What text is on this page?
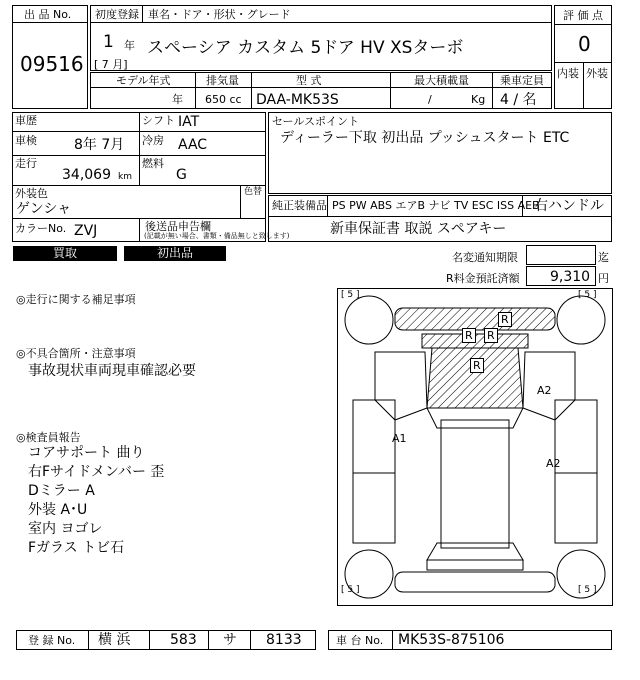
出 品 No.
09516
初度登録 車名・ドア・形状・グレード
1 年
[ 7 月]
スペーシア カスタム 5ドア HV XSターボ
評 価 点
0
内装 外装
モデル年式
年
排気量
650 cc
型 式
DAA-MK53S
最大積載量
/	Kg
乗車定員
4 / 名
車歴	シフト IAT
車検	8年 7月 冷房 AAC
走行
34,069 km
燃料
G
外装色
ゲンシャ
色替
カラーNo. ZVJ	後送品申告欄
(記載が無い場合、書類・備品無しと致します)
セールスポイント
ディーラー下取 初出品 プッシュスタート ETC
純正装備品 PS PW ABS エアB ナビ TV ESC ISS AEB
右ハンドル
新車保証書 取説 スペアキー
買取	初出品	名変通知期限	迄
R料金預託済額 9,310 円
◎走行に関する補足事項
◎不具合箇所・注意事項
事故現状車両現車確認必要
◎検査員報告
コアサポート 曲り
右Fサイドメンバー 歪
Dミラー A
外装 A･U
室内 ヨゴレ
Fガラス トビ石
[ 5 ]	[ 5 ]
[ 5 ]	[ 5 ]
R
R R
R
A1
A2
A2
登 録 No. 横 浜	583 サ 8133	車 台 No. MK53S-875106
